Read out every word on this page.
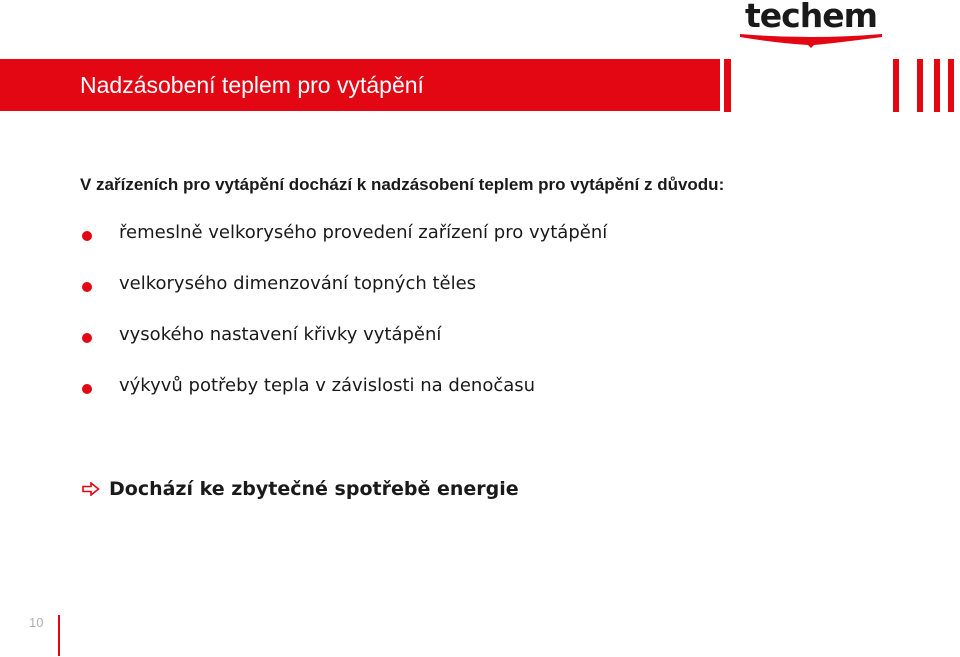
techem
Nadzásobení teplem pro vytápění
V zařízeních pro vytápění dochází k nadzásobení teplem pro vytápění z důvodu:
řemeslně velkorysého provedení zařízení pro vytápění
velkorysého dimenzování topných těles
vysokého nastavení křivky vytápění
výkyvů potřeby tepla v závislosti na denočasu
Dochází ke zbytečné spotřebě energie
10
